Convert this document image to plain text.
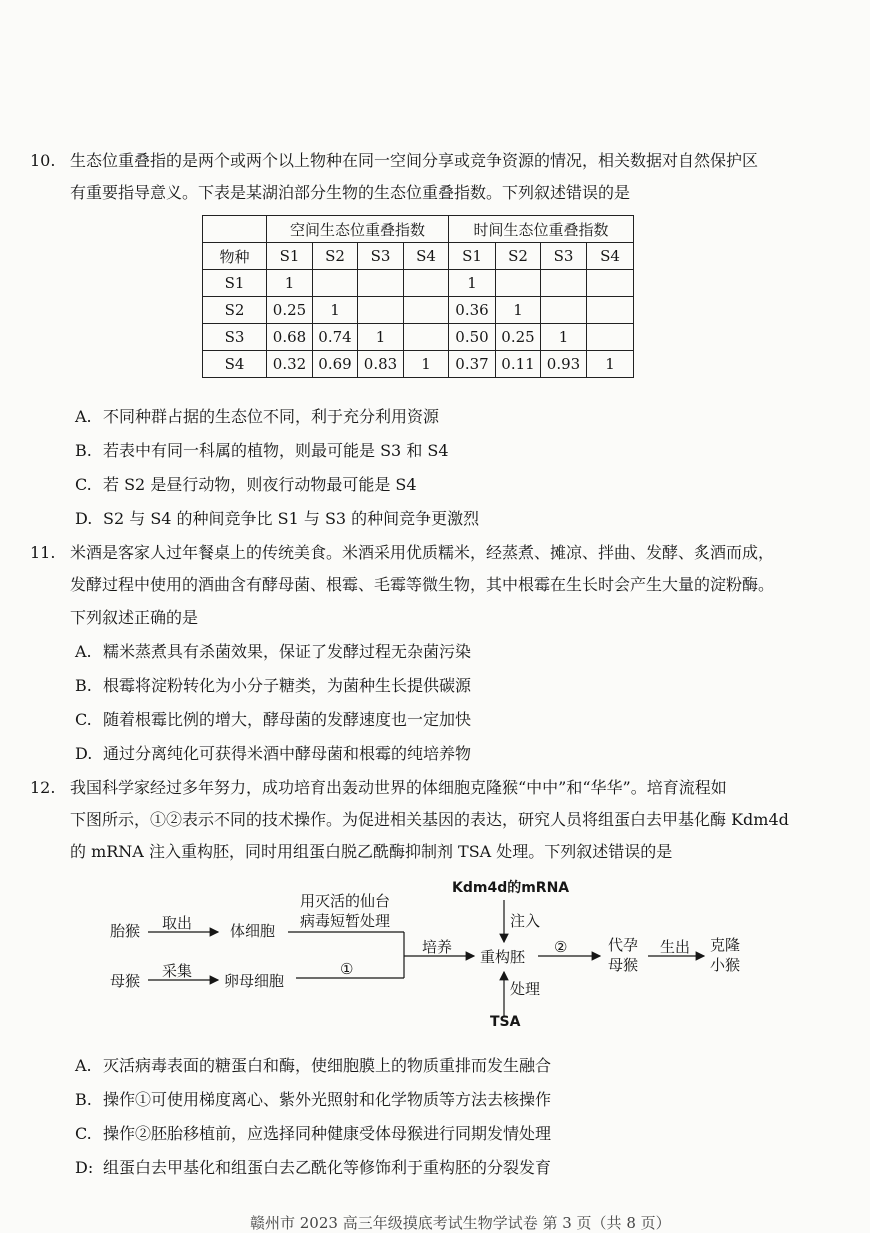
10. 生态位重叠指的是两个或两个以上物种在同一空间分享或竞争资源的情况，相关数据对自然保护区
有重要指导意义。下表是某湖泊部分生物的生态位重叠指数。下列叙述错误的是
	空间生态位重叠指数				时间生态位重叠指数			
物种	S1	S2	S3	S4	S1	S2	S3	S4
S1	1				1			
S2	0.25	1			0.36	1		
S3	0.68	0.74	1		0.50	0.25	1	
S4	0.32	0.69	0.83	1	0.37	0.11	0.93	1
A. 不同种群占据的生态位不同，利于充分利用资源
B. 若表中有同一科属的植物，则最可能是 S3 和 S4
C. 若 S2 是昼行动物，则夜行动物最可能是 S4
D. S2 与 S4 的种间竞争比 S1 与 S3 的种间竞争更激烈
11. 米酒是客家人过年餐桌上的传统美食。米酒采用优质糯米，经蒸煮、摊凉、拌曲、发酵、炙酒而成，
发酵过程中使用的酒曲含有酵母菌、根霉、毛霉等微生物，其中根霉在生长时会产生大量的淀粉酶。
下列叙述正确的是
A. 糯米蒸煮具有杀菌效果，保证了发酵过程无杂菌污染
B. 根霉将淀粉转化为小分子糖类，为菌种生长提供碳源
C. 随着根霉比例的增大，酵母菌的发酵速度也一定加快
D. 通过分离纯化可获得米酒中酵母菌和根霉的纯培养物
12. 我国科学家经过多年努力，成功培育出轰动世界的体细胞克隆猴“中中”和“华华”。培育流程如
下图所示，①②表示不同的技术操作。为促进相关基因的表达，研究人员将组蛋白去甲基化酶 Kdm4d
的 mRNA 注入重构胚，同时用组蛋白脱乙酰酶抑制剂 TSA 处理。下列叙述错误的是
胎猴 取出	体细胞
用灭活的仙台
病毒短暂处理
母猴
采集
卵母细胞
①
培养
Kdm4d的mRNA
注入
重构胚
处理
TSA
②	代孕
母猴
生出 克隆
小猴
A. 灭活病毒表面的糖蛋白和酶，使细胞膜上的物质重排而发生融合
B. 操作①可使用梯度离心、紫外光照射和化学物质等方法去核操作
C. 操作②胚胎移植前，应选择同种健康受体母猴进行同期发情处理
D: 组蛋白去甲基化和组蛋白去乙酰化等修饰利于重构胚的分裂发育
赣州市 2023 高三年级摸底考试生物学试卷 第 3 页（共 8 页）
